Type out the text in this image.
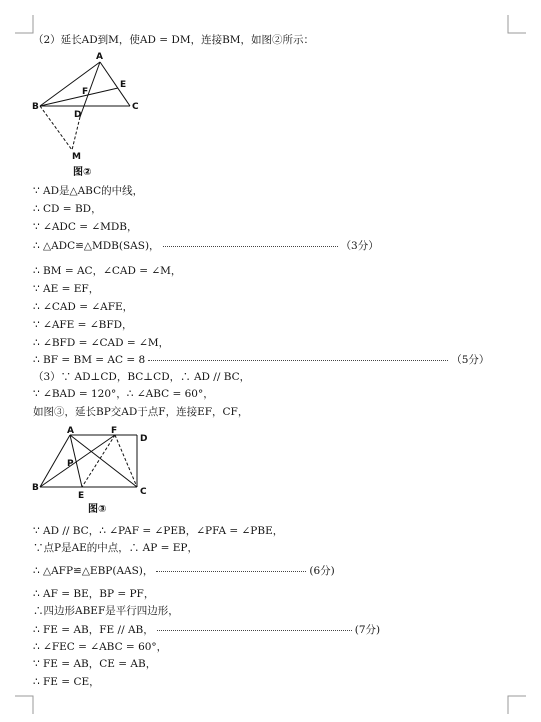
（2）延长AD到M，使AD = DM，连接BM，如图②所示：
A
B	C
D
E
F
M
图②
∵ AD是△ABC的中线，
∴ CD = BD，
∵ ∠ADC = ∠MDB，
∴ △ADC≌△MDB(SAS)，	（3分）
∴ BM = AC，∠CAD = ∠M，
∵ AE = EF，
∴ ∠CAD = ∠AFE，
∵ ∠AFE = ∠BFD，
∴ ∠BFD = ∠CAD = ∠M，
∴ BF = BM = AC = 8	（5分）
（3）∵ AD⊥CD，BC⊥CD，∴ AD // BC，
∵ ∠BAD = 120°，∴ ∠ABC = 60°，
如图③，延长BP交AD于点F，连接EF，CF，
A
B	C
D
E
F
P
图③
∵ AD // BC，∴ ∠PAF = ∠PEB，∠PFA = ∠PBE，
∵点P是AE的中点，∴ AP = EP，
∴ △AFP≌△EBP(AAS)，	(6分)
∴ AF = BE，BP = PF，
∴四边形ABEF是平行四边形，
∴ FE = AB，FE // AB，	(7分)
∴ ∠FEC = ∠ABC = 60°，
∵ FE = AB，CE = AB，
∴ FE = CE，
